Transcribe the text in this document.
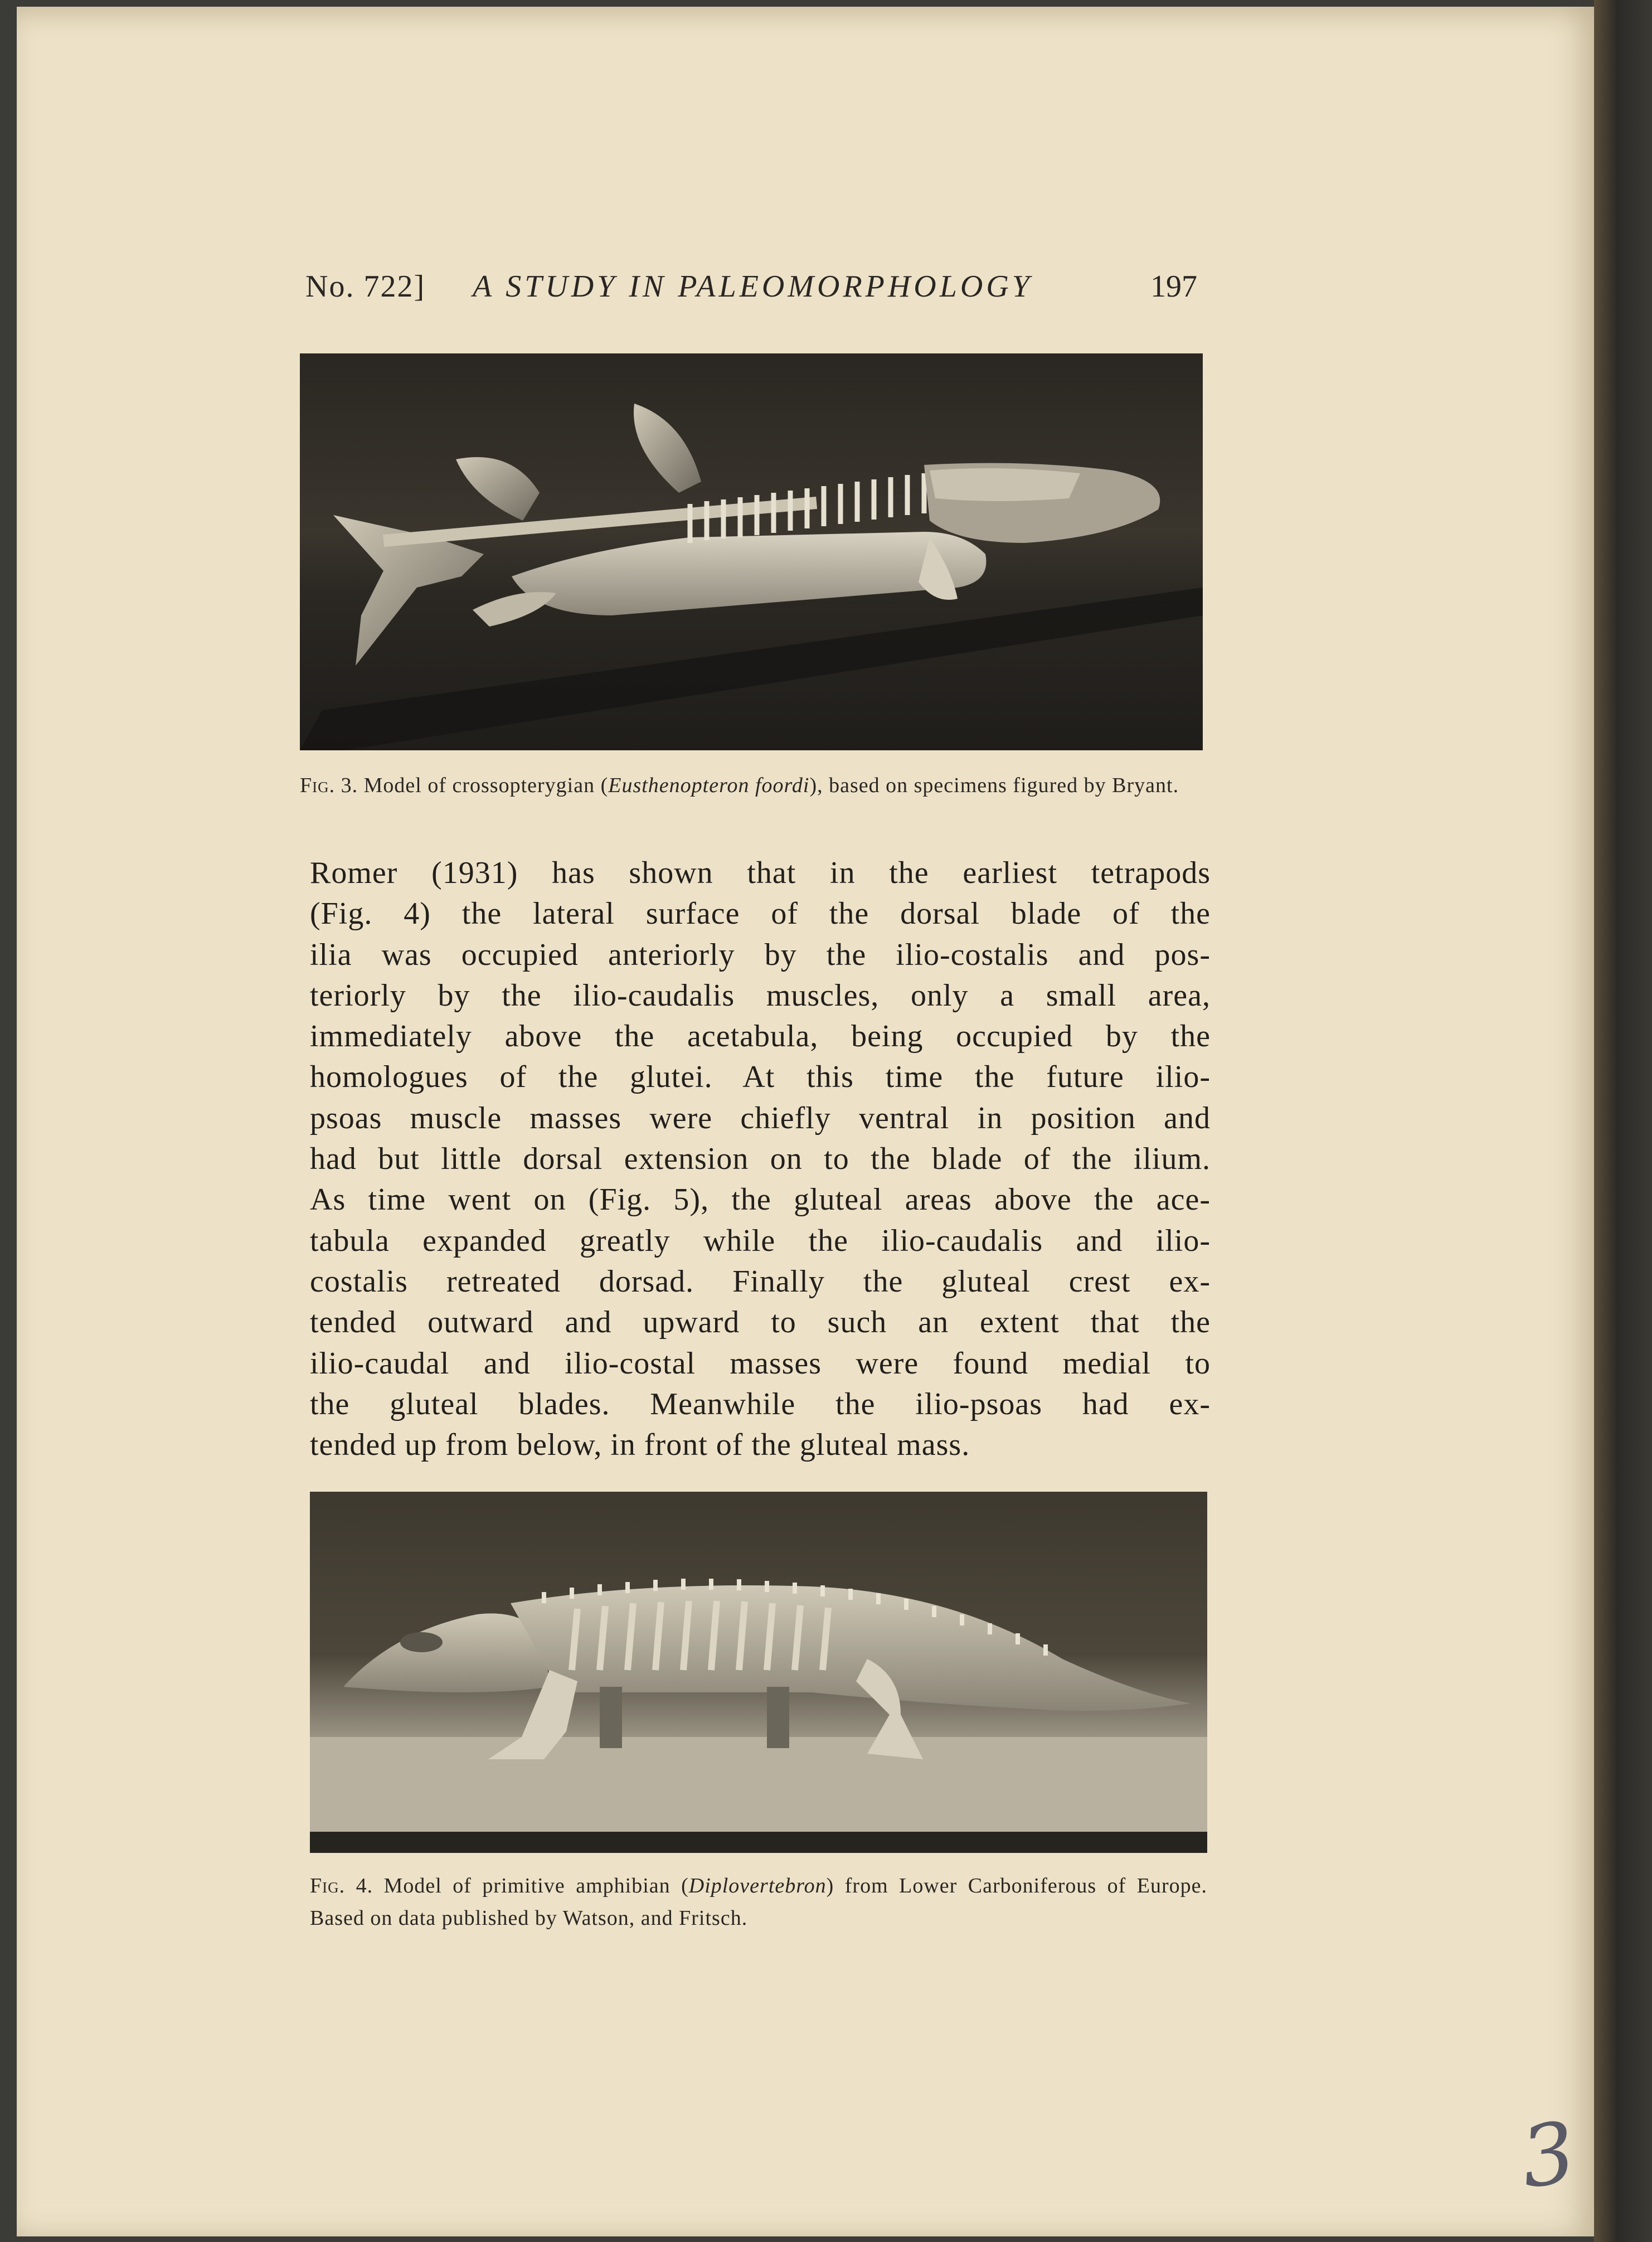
No. 722] A STUDY IN PALEOMORPHOLOGY	197
Fig. 3. Model of crossopterygian (Eusthenopteron foordi), based on specimens figured by Bryant.
Romer (1931) has shown that in the earliest tetrapods
(Fig. 4) the lateral surface of the dorsal blade of the
ilia was occupied anteriorly by the ilio-costalis and pos-
teriorly by the ilio-caudalis muscles, only a small area,
immediately above the acetabula, being occupied by the
homologues of the glutei. At this time the future ilio-
psoas muscle masses were chiefly ventral in position and
had but little dorsal extension on to the blade of the ilium.
As time went on (Fig. 5), the gluteal areas above the ace-
tabula expanded greatly while the ilio-caudalis and ilio-
costalis retreated dorsad. Finally the gluteal crest ex-
tended outward and upward to such an extent that the
ilio-caudal and ilio-costal masses were found medial to
the gluteal blades. Meanwhile the ilio-psoas had ex-
tended up from below, in front of the gluteal mass.
Fig. 4. Model of primitive amphibian (Diplovertebron) from Lower Carboniferous of Europe. Based on data published by Watson, and Fritsch.
3
